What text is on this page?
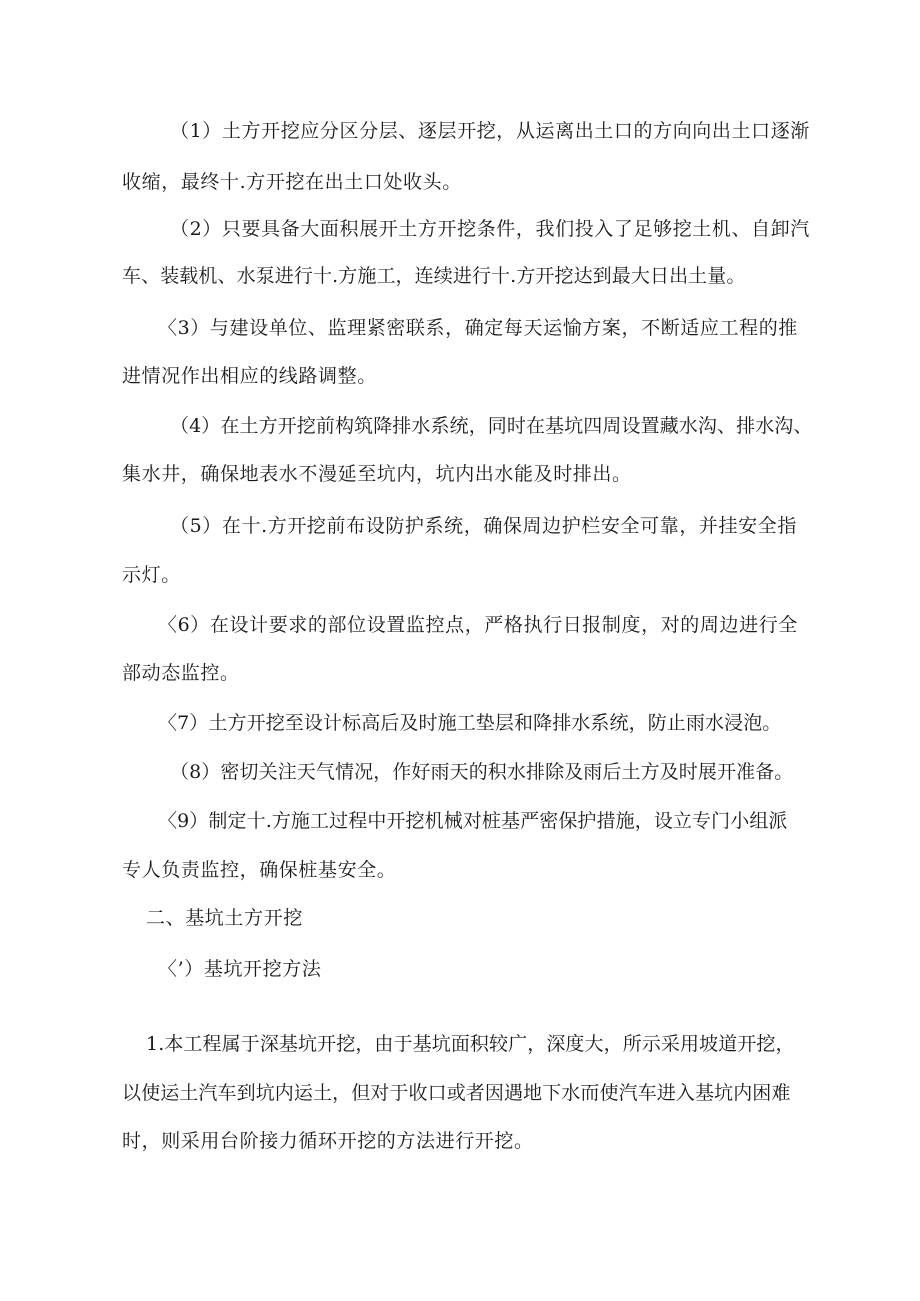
（1）土方开挖应分区分层、逐层开挖，从运离出土口的方向向出土口逐渐

收缩，最终十.方开挖在出土口处收头。

（2）只要具备大面积展开土方开挖条件，我们投入了足够挖土机、自卸汽

车、装载机、水泵进行十.方施工，连续进行十.方开挖达到最大日出土量。

〈3）与建设单位、监理紧密联系，确定每天运愉方案，不断适应工程的推

进情况作出相应的线路调整。

（4）在土方开挖前构筑降排水系统，同时在基坑四周设置藏水沟、排水沟、

集水井，确保地表水不漫延至坑内，坑内出水能及时排出。

（5）在十.方开挖前布设防护系统，确保周边护栏安全可靠，并挂安全指

示灯。

〈6）在设计要求的部位设置监控点，严格执行日报制度，对的周边进行全

部动态监控。

〈7）土方开挖至设计标高后及时施工垫层和降排水系统，防止雨水浸泡。

（8）密切关注天气情况，作好雨天的积水排除及雨后土方及时展开准备。

〈9）制定十.方施工过程中开挖机械对桩基严密保护措施，设立专门小组派

专人负责监控，确保桩基安全。

二、基坑土方开挖

〈’）基坑开挖方法

1.本工程属于深基坑开挖，由于基坑面积较广，深度大，所示采用坡道开挖，

以使运土汽车到坑内运土，但对于收口或者因遇地下水而使汽车进入基坑内困难

时，则采用台阶接力循环开挖的方法进行开挖。
